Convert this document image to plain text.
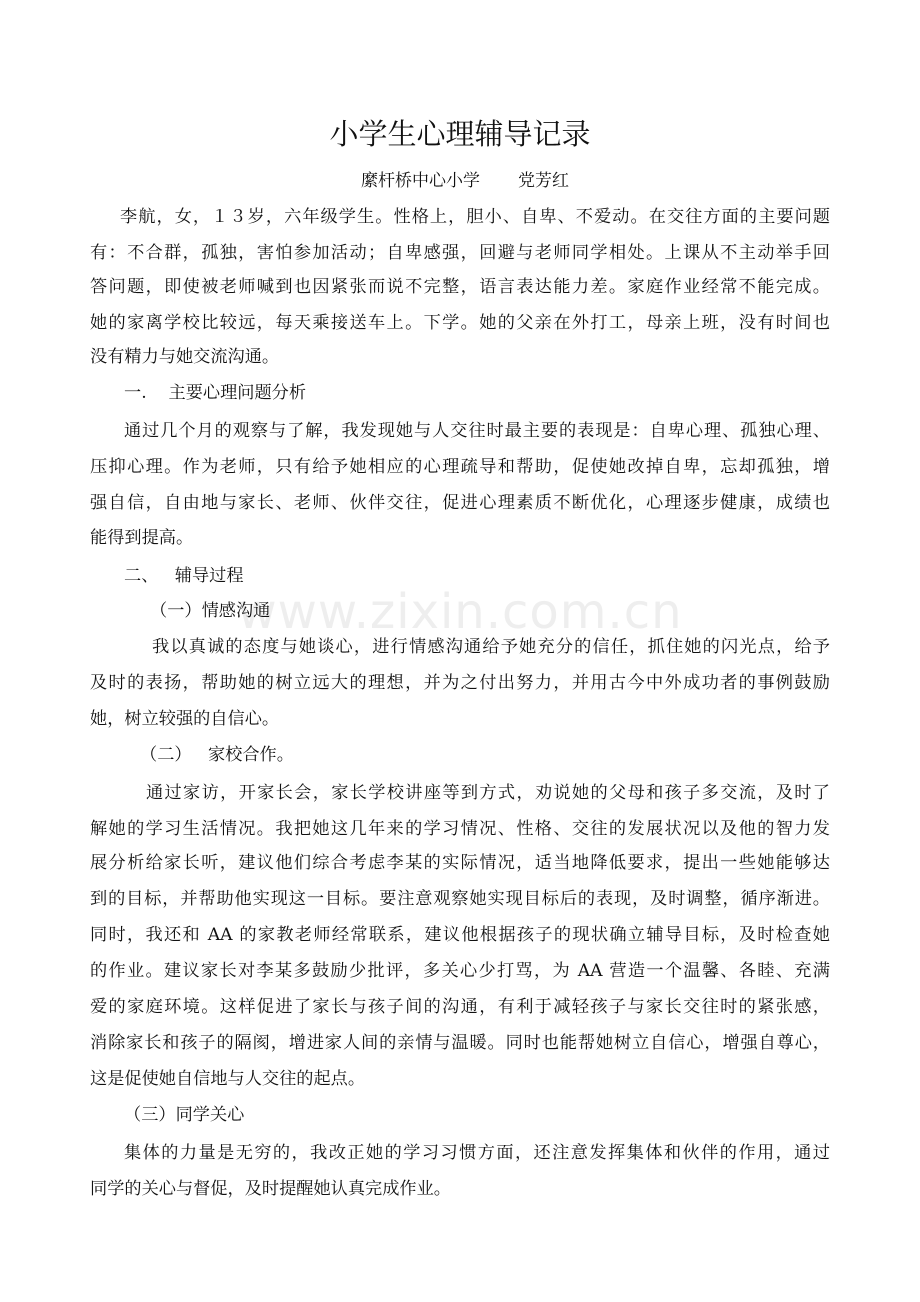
www.zixin.com.cn
小学生心理辅导记录
縻杆桥中心小学 党芳红
李航，女，１３岁，六年级学生。性格上，胆小、自卑、不爱动。在交往方面的主要问题
有：不合群，孤独，害怕参加活动；自卑感强，回避与老师同学相处。上课从不主动举手回
答问题，即使被老师喊到也因紧张而说不完整，语言表达能力差。家庭作业经常不能完成。
她的家离学校比较远，每天乘接送车上。下学。她的父亲在外打工，母亲上班，没有时间也
没有精力与她交流沟通。
一.    主要心理问题分析
通过几个月的观察与了解，我发现她与人交往时最主要的表现是：自卑心理、孤独心理、
压抑心理。作为老师，只有给予她相应的心理疏导和帮助，促使她改掉自卑，忘却孤独，增
强自信，自由地与家长、老师、伙伴交往，促进心理素质不断优化，心理逐步健康，成绩也
能得到提高。
二、   辅导过程
（一）情感沟通
我以真诚的态度与她谈心，进行情感沟通给予她充分的信任，抓住她的闪光点，给予
及时的表扬，帮助她的树立远大的理想，并为之付出努力，并用古今中外成功者的事例鼓励
她，树立较强的自信心。
（二）   家校合作。
通过家访，开家长会，家长学校讲座等到方式，劝说她的父母和孩子多交流，及时了
解她的学习生活情况。我把她这几年来的学习情况、性格、交往的发展状况以及他的智力发
展分析给家长听，建议他们综合考虑李某的实际情况，适当地降低要求，提出一些她能够达
到的目标，并帮助他实现这一目标。要注意观察她实现目标后的表现，及时调整，循序渐进。
同时，我还和 AA 的家教老师经常联系，建议他根据孩子的现状确立辅导目标，及时检查她
的作业。建议家长对李某多鼓励少批评，多关心少打骂，为 AA 营造一个温馨、各睦、充满
爱的家庭环境。这样促进了家长与孩子间的沟通，有利于减轻孩子与家长交往时的紧张感，
消除家长和孩子的隔阂，增进家人间的亲情与温暖。同时也能帮她树立自信心，增强自尊心，
这是促使她自信地与人交往的起点。
（三）同学关心
集体的力量是无穷的，我改正她的学习习惯方面，还注意发挥集体和伙伴的作用，通过
同学的关心与督促，及时提醒她认真完成作业。
